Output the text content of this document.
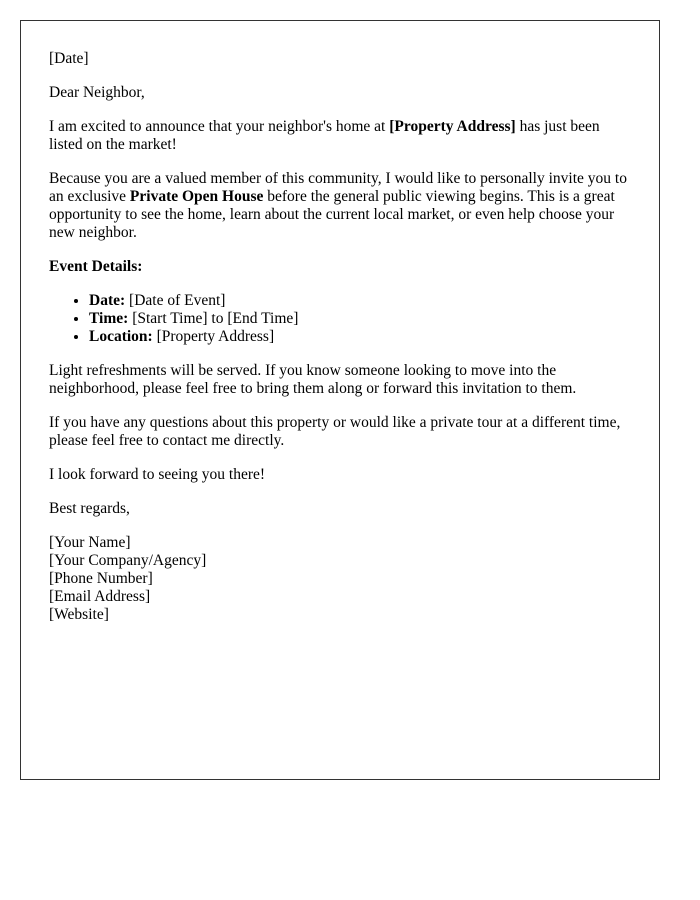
[Date]

Dear Neighbor,

I am excited to announce that your neighbor's home at [Property Address] has just been listed on the market!

Because you are a valued member of this community, I would like to personally invite you to an exclusive Private Open House before the general public viewing begins. This is a great opportunity to see the home, learn about the current local market, or even help choose your new neighbor.

Event Details:

• Date: [Date of Event]
• Time: [Start Time] to [End Time]
• Location: [Property Address]

Light refreshments will be served. If you know someone looking to move into the neighborhood, please feel free to bring them along or forward this invitation to them.

If you have any questions about this property or would like a private tour at a different time, please feel free to contact me directly.

I look forward to seeing you there!

Best regards,

[Your Name]
[Your Company/Agency]
[Phone Number]
[Email Address]
[Website]
